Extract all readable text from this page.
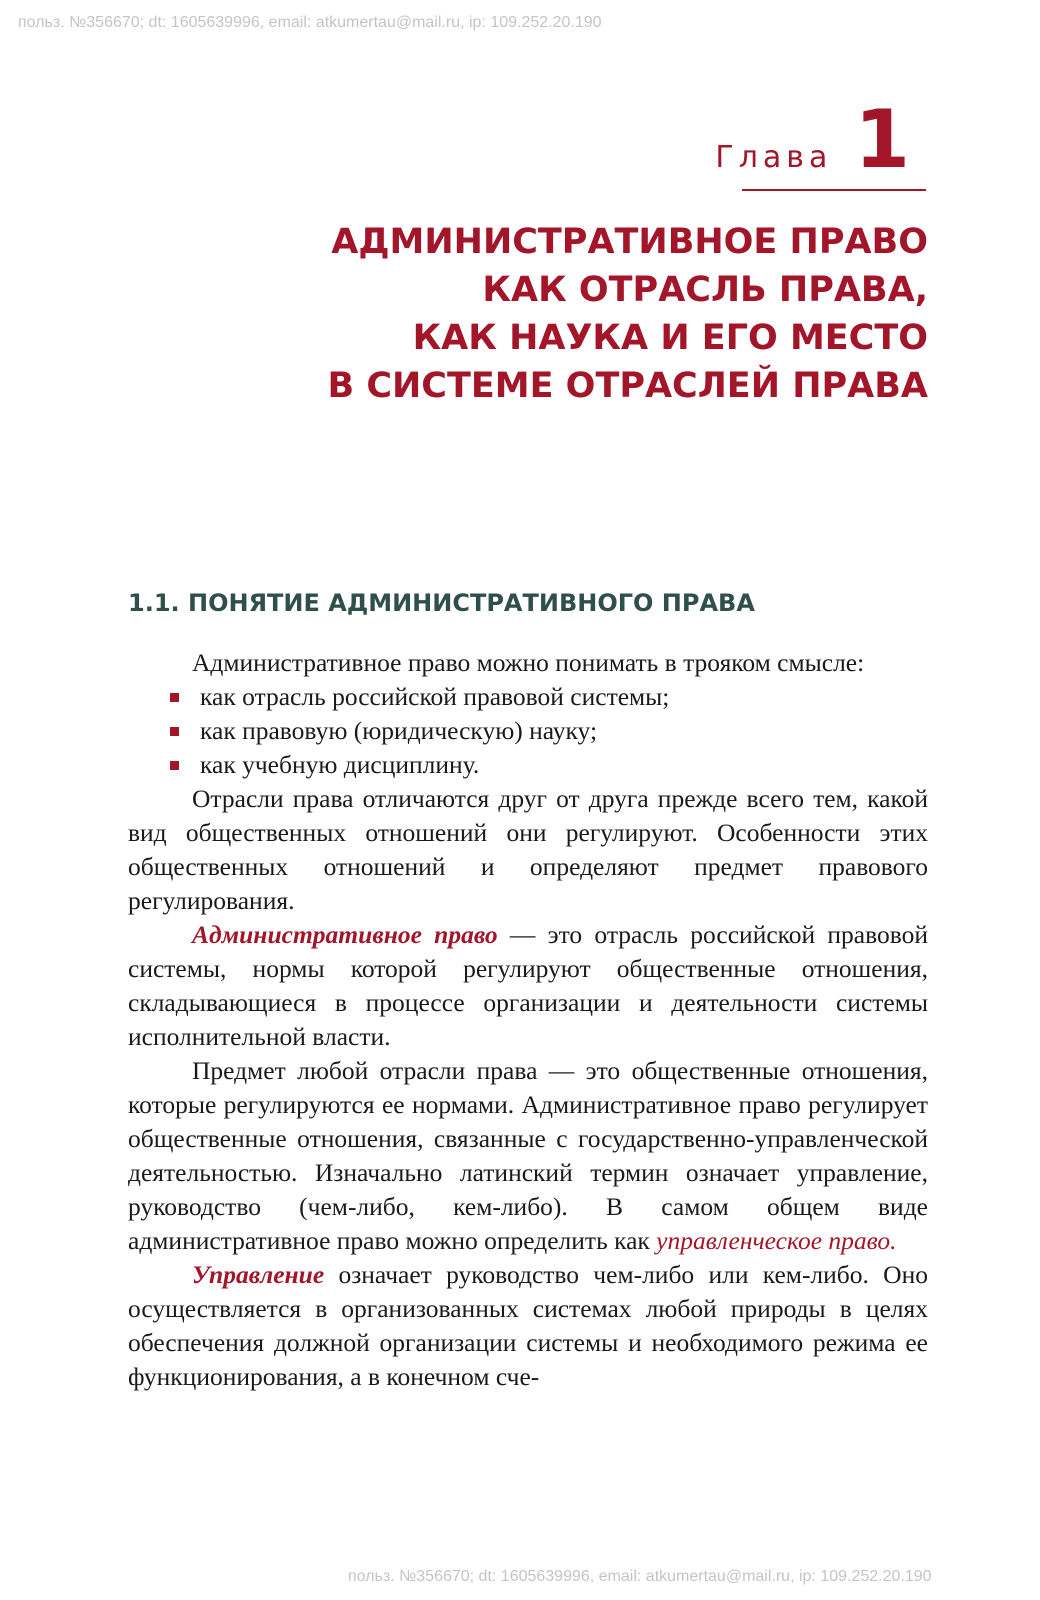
польз. №356670; dt: 1605639996, email: atkumertau@mail.ru, ip: 109.252.20.190
Глава 1
АДМИНИСТРАТИВНОЕ ПРАВО
КАК ОТРАСЛЬ ПРАВА,
КАК НАУКА И ЕГО МЕСТО
В СИСТЕМЕ ОТРАСЛЕЙ ПРАВА
1.1. ПОНЯТИЕ АДМИНИСТРАТИВНОГО ПРАВА

Административное право можно понимать в трояком смысле:

как отрасль российской правовой системы;
как правовую (юридическую) науку;
как учебную дисциплину.

Отрасли права отличаются друг от друга прежде всего тем, какой вид общественных отношений они регулируют. Особенности этих общественных отношений и определяют предмет правового регулирования.

Административное право — это отрасль российской правовой системы, нормы которой регулируют общественные отношения, складывающиеся в процессе организации и деятельности системы исполнительной власти.

Предмет любой отрасли права — это общественные отношения, которые регулируются ее нормами. Административное право регулирует общественные отношения, связанные с государственно-управленческой деятельностью. Изначально латинский термин означает управление, руководство (чем-либо, кем-либо). В самом общем виде административное право можно определить как управленческое право.

Управление означает руководство чем-либо или кем-либо. Оно осуществляется в организованных системах любой природы в целях обеспечения должной организации системы и необходимого режима ее функционирования, а в конечном сче-

польз. №356670; dt: 1605639996, email: atkumertau@mail.ru, ip: 109.252.20.190
